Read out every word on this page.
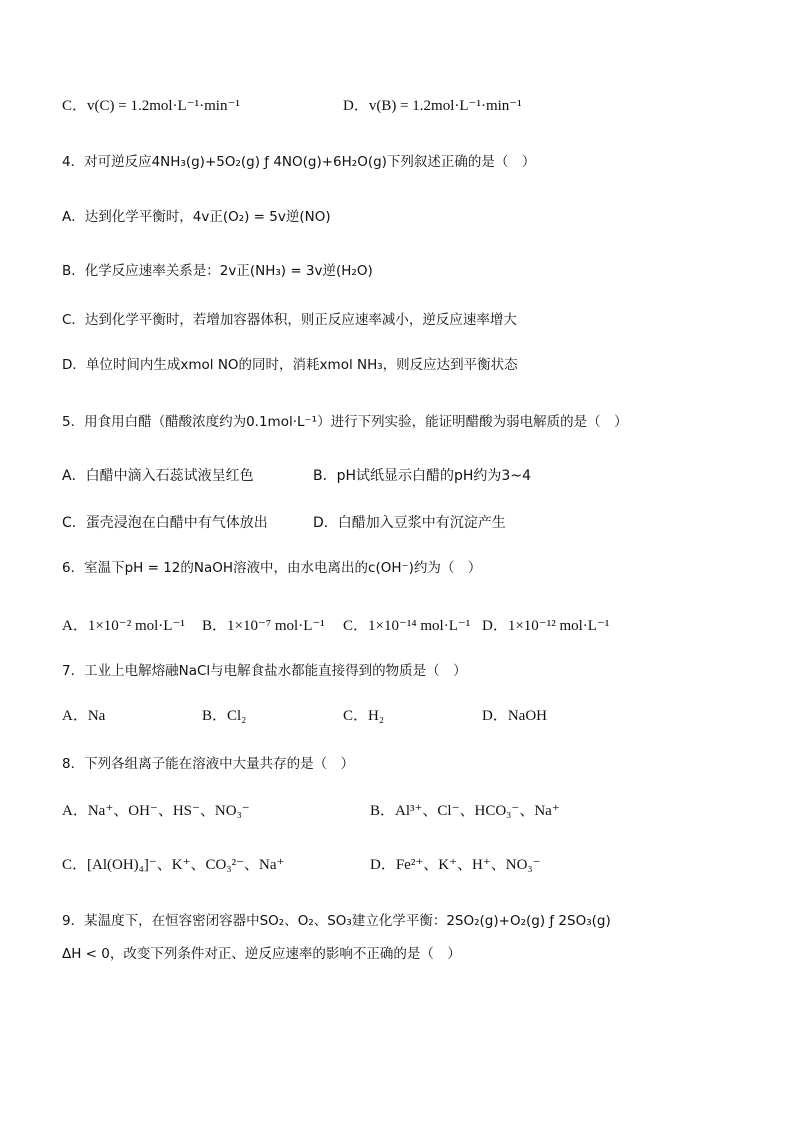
C．v(C) = 1.2mol·L⁻¹·min⁻¹	D．v(B) = 1.2mol·L⁻¹·min⁻¹
4．对可逆反应4NH₃(g)+5O₂(g) ƒ 4NO(g)+6H₂O(g)下列叙述正确的是（　）
A．达到化学平衡时，4v正(O₂) = 5v逆(NO)
B．化学反应速率关系是：2v正(NH₃) = 3v逆(H₂O)
C．达到化学平衡时，若增加容器体积，则正反应速率减小，逆反应速率增大
D．单位时间内生成xmol NO的同时，消耗xmol NH₃，则反应达到平衡状态
5．用食用白醋（醋酸浓度约为0.1mol·L⁻¹）进行下列实验，能证明醋酸为弱电解质的是（　）
A．白醋中滴入石蕊试液呈红色	B．pH试纸显示白醋的pH约为3~4
C．蛋壳浸泡在白醋中有气体放出	D．白醋加入豆浆中有沉淀产生
6．室温下pH = 12的NaOH溶液中，由水电离出的c(OH⁻)约为（　）
A．1×10⁻² mol·L⁻¹ B．1×10⁻⁷ mol·L⁻¹ C．1×10⁻¹⁴ mol·L⁻¹ D．1×10⁻¹² mol·L⁻¹
7．工业上电解熔融NaCl与电解食盐水都能直接得到的物质是（　）
A．Na	B．Cl₂	C．H₂	D．NaOH
8．下列各组离子能在溶液中大量共存的是（　）
A．Na⁺、OH⁻、HS⁻、NO₃⁻	B．Al³⁺、Cl⁻、HCO₃⁻、Na⁺
C．[Al(OH)₄]⁻、K⁺、CO₃²⁻、Na⁺	D．Fe²⁺、K⁺、H⁺、NO₃⁻
9．某温度下，在恒容密闭容器中SO₂、O₂、SO₃建立化学平衡：2SO₂(g)+O₂(g) ƒ 2SO₃(g)
ΔH < 0，改变下列条件对正、逆反应速率的影响不正确的是（　）
